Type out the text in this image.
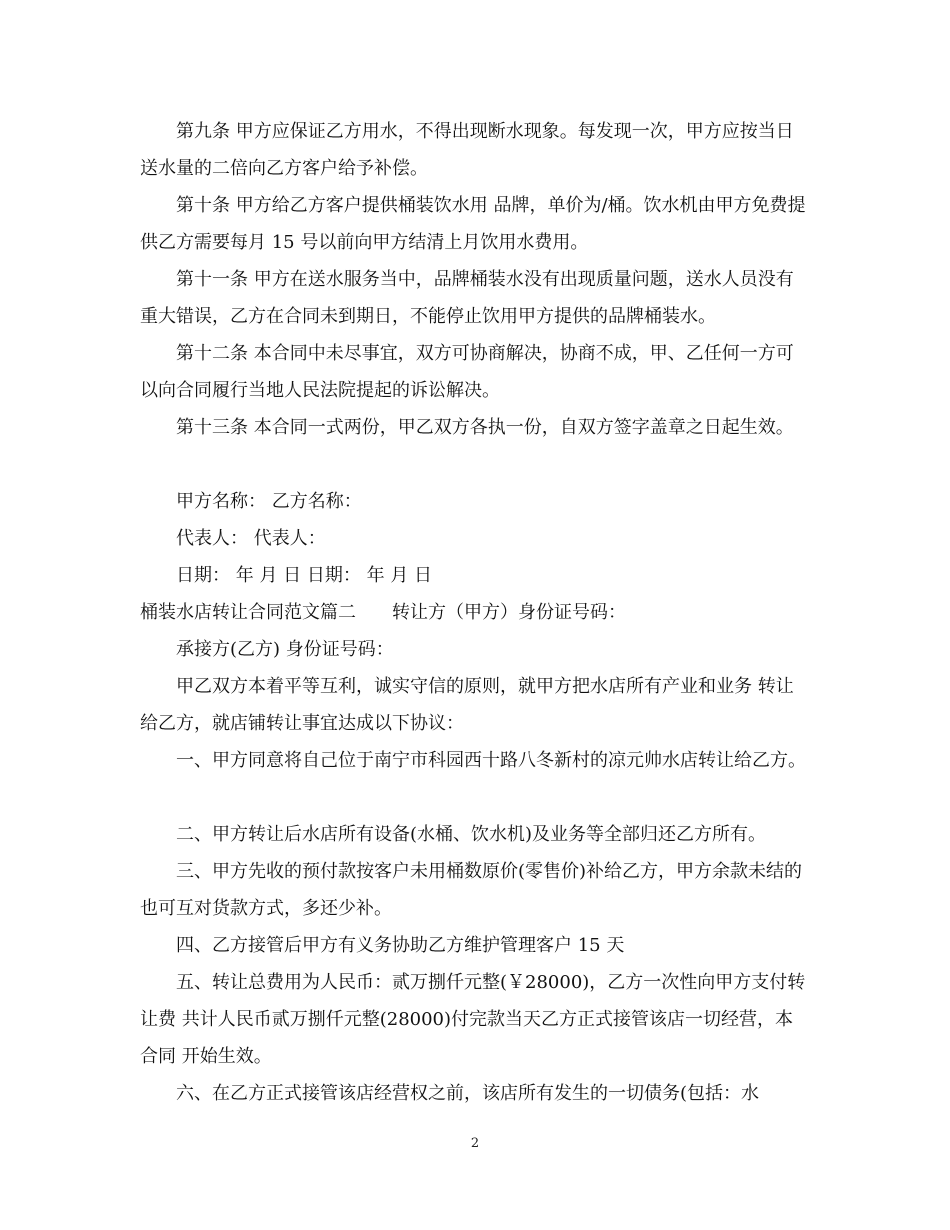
第九条 甲方应保证乙方用水，不得出现断水现象。每发现一次，甲方应按当日送水量的二倍向乙方客户给予补偿。

第十条 甲方给乙方客户提供桶装饮水用 品牌，单价为/桶。饮水机由甲方免费提供乙方需要每月 15 号以前向甲方结清上月饮用水费用。

第十一条 甲方在送水服务当中，品牌桶装水没有出现质量问题，送水人员没有重大错误，乙方在合同未到期日，不能停止饮用甲方提供的品牌桶装水。

第十二条 本合同中未尽事宜，双方可协商解决，协商不成，甲、乙任何一方可以向合同履行当地人民法院提起的诉讼解决。

第十三条 本合同一式两份，甲乙双方各执一份，自双方签字盖章之日起生效。

甲方名称： 乙方名称：
代表人： 代表人：
日期： 年 月 日 日期： 年 月 日
桶装水店转让合同范文篇二　　转让方（甲方）身份证号码：
承接方(乙方) 身份证号码：

甲乙双方本着平等互利，诚实守信的原则，就甲方把水店所有产业和业务 转让给乙方，就店铺转让事宜达成以下协议：

一、甲方同意将自己位于南宁市科园西十路八冬新村的凉元帅水店转让给乙方。

二、甲方转让后水店所有设备(水桶、饮水机)及业务等全部归还乙方所有。

三、甲方先收的预付款按客户未用桶数原价(零售价)补给乙方，甲方余款未结的也可互对货款方式，多还少补。

四、乙方接管后甲方有义务协助乙方维护管理客户 15 天

五、转让总费用为人民币：贰万捌仟元整(￥28000)，乙方一次性向甲方支付转让费 共计人民币贰万捌仟元整(28000)付完款当天乙方正式接管该店一切经营，本合同 开始生效。

六、在乙方正式接管该店经营权之前，该店所有发生的一切债务(包括：水

2
